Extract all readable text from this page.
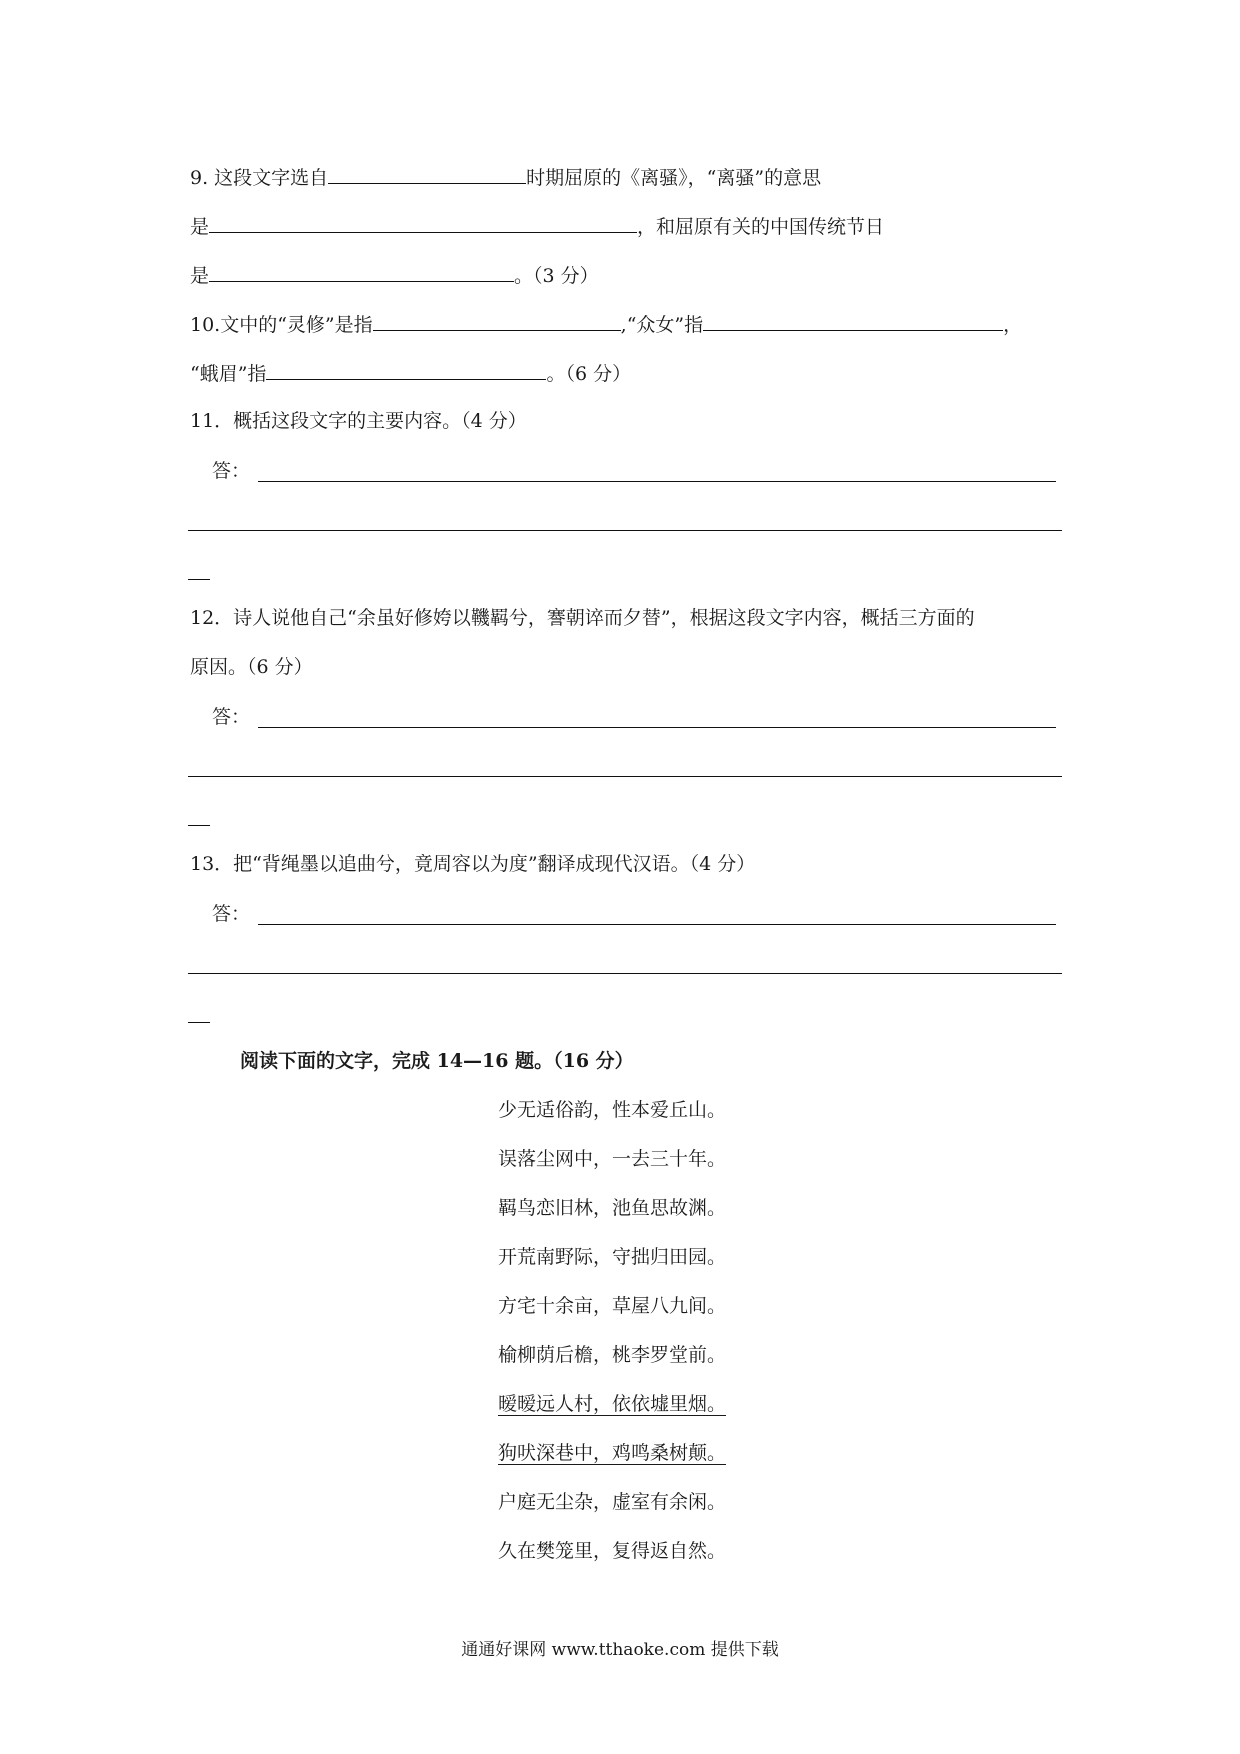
9. 这段文字选自	时期屈原的《离骚》，“离骚”的意思
是	，和屈原有关的中国传统节日
是	。（3 分）
10.文中的“灵修”是指	,“众女”指	，
“蛾眉”指	。（6 分）
11．概括这段文字的主要内容。（4 分）
答：
12．诗人说他自己“余虽好修姱以鞿羁兮，謇朝谇而夕替”，根据这段文字内容，概括三方面的
原因。（6 分）
答：
13．把“背绳墨以追曲兮，竟周容以为度”翻译成现代汉语。（4 分）
答：
阅读下面的文字，完成 14—16 题。（16 分）
少无适俗韵，性本爱丘山。
误落尘网中，一去三十年。
羁鸟恋旧林，池鱼思故渊。
开荒南野际，守拙归田园。
方宅十余亩，草屋八九间。
榆柳荫后檐，桃李罗堂前。
暧暧远人村，依依墟里烟。
狗吠深巷中，鸡鸣桑树颠。
户庭无尘杂，虚室有余闲。
久在樊笼里，复得返自然。
通通好课网 www.tthaoke.com 提供下载
